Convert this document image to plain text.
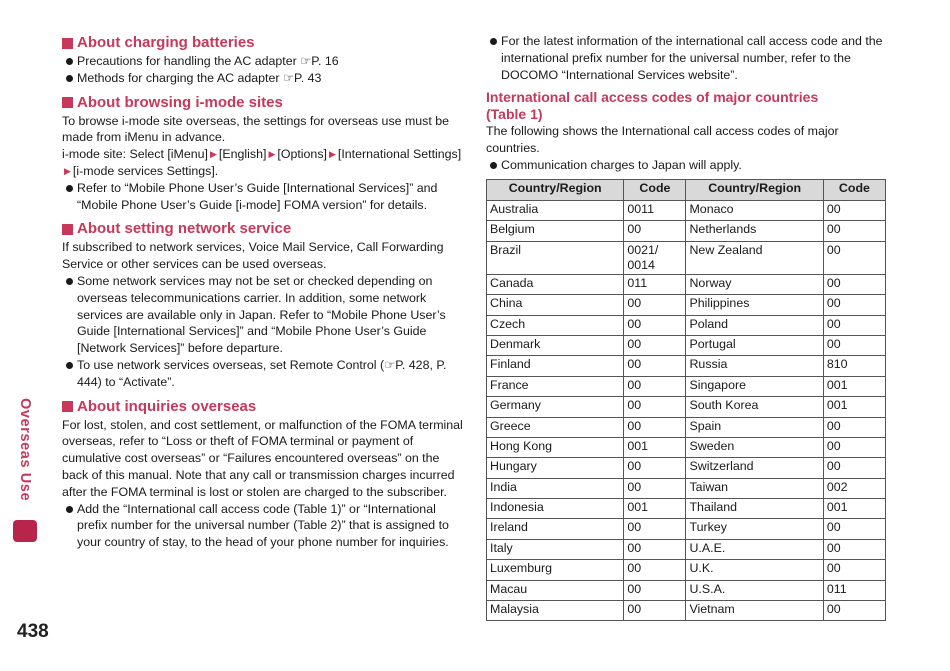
Overseas Use
438
About charging batteries
Precautions for handling the AC adapter ☞P. 16
Methods for charging the AC adapter ☞P. 43
About browsing i-mode sites

To browse i-mode site overseas, the settings for overseas use must be made from iMenu in advance.

i-mode site: Select [iMenu] ▶ [English] ▶ [Options] ▶ [International Settings]▶ [i-mode services Settings].

Refer to “Mobile Phone User’s Guide [International Services]” and “Mobile Phone User’s Guide [i-mode] FOMA version” for details.
About setting network service

If subscribed to network services, Voice Mail Service, Call Forwarding Service or other services can be used overseas.

Some network services may not be set or checked depending on overseas telecommunications carrier. In addition, some network services are available only in Japan. Refer to “Mobile Phone User’s Guide [International Services]” and “Mobile Phone User’s Guide [Network Services]” before departure.
To use network services overseas, set Remote Control (☞P. 428, P. 444) to “Activate”.
About inquiries overseas

For lost, stolen, and cost settlement, or malfunction of the FOMA terminal overseas, refer to “Loss or theft of FOMA terminal or payment of cumulative cost overseas” or “Failures encountered overseas” on the back of this manual. Note that any call or transmission charges incurred after the FOMA terminal is lost or stolen are charged to the subscriber.

Add the “International call access code (Table 1)” or “International prefix number for the universal number (Table 2)” that is assigned to your country of stay, to the head of your phone number for inquiries.
For the latest information of the international call access code and the international prefix number for the universal number, refer to the DOCOMO “International Services website”.
International call access codes of major countries
(Table 1)

The following shows the International call access codes of major countries.

Communication charges to Japan will apply.
Country/Region	Code	Country/Region	Code
Australia	0011	Monaco	00
Belgium	00	Netherlands	00
Brazil	0021/ 0014	New Zealand	00
Canada	011	Norway	00
China	00	Philippines	00
Czech	00	Poland	00
Denmark	00	Portugal	00
Finland	00	Russia	810
France	00	Singapore	001
Germany	00	South Korea	001
Greece	00	Spain	00
Hong Kong	001	Sweden	00
Hungary	00	Switzerland	00
India	00	Taiwan	002
Indonesia	001	Thailand	001
Ireland	00	Turkey	00
Italy	00	U.A.E.	00
Luxemburg	00	U.K.	00
Macau	00	U.S.A.	011
Malaysia	00	Vietnam	00
